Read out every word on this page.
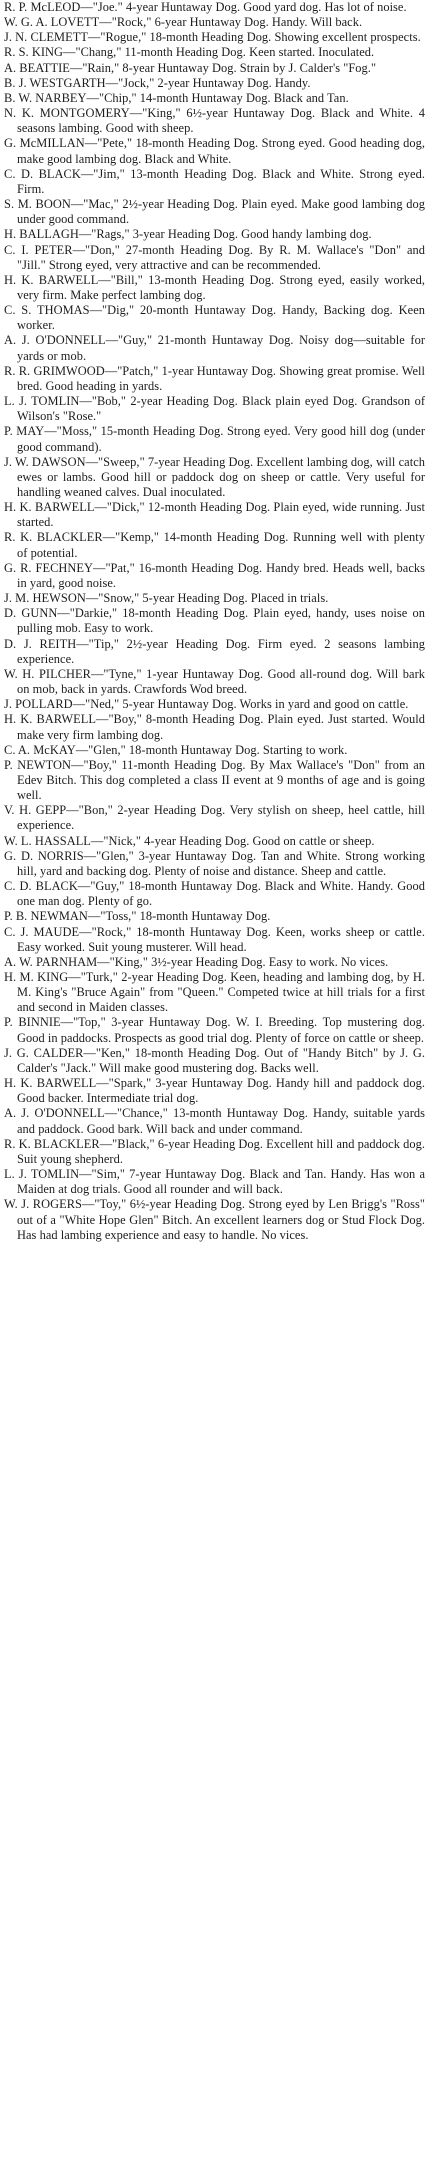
R. P. McLEOD—"Joe." 4-year Huntaway Dog. Good yard dog. Has lot of noise.

W. G. A. LOVETT—"Rock," 6-year Huntaway Dog. Handy. Will back.

J. N. CLEMETT—"Rogue," 18-month Heading Dog. Showing excellent prospects.

R. S. KING—"Chang," 11-month Heading Dog. Keen started. Inoculated.

A. BEATTIE—"Rain," 8-year Huntaway Dog. Strain by J. Calder's "Fog."

B. J. WESTGARTH—"Jock," 2-year Huntaway Dog. Handy.

B. W. NARBEY—"Chip," 14-month Huntaway Dog. Black and Tan.

N. K. MONTGOMERY—"King," 6½-year Huntaway Dog. Black and White. 4 seasons lambing. Good with sheep.

G. McMILLAN—"Pete," 18-month Heading Dog. Strong eyed. Good heading dog, make good lambing dog. Black and White.

C. D. BLACK—"Jim," 13-month Heading Dog. Black and White. Strong eyed. Firm.

S. M. BOON—"Mac," 2½-year Heading Dog. Plain eyed. Make good lambing dog under good command.

H. BALLAGH—"Rags," 3-year Heading Dog. Good handy lambing dog.

C. I. PETER—"Don," 27-month Heading Dog. By R. M. Wallace's "Don" and "Jill." Strong eyed, very attractive and can be recommended.

H. K. BARWELL—"Bill," 13-month Heading Dog. Strong eyed, easily worked, very firm. Make perfect lambing dog.

C. S. THOMAS—"Dig," 20-month Huntaway Dog. Handy, Backing dog. Keen worker.

A. J. O'DONNELL—"Guy," 21-month Huntaway Dog. Noisy dog—suitable for yards or mob.

R. R. GRIMWOOD—"Patch," 1-year Huntaway Dog. Showing great promise. Well bred. Good heading in yards.

L. J. TOMLIN—"Bob," 2-year Heading Dog. Black plain eyed Dog. Grandson of Wilson's "Rose."

P. MAY—"Moss," 15-month Heading Dog. Strong eyed. Very good hill dog (under good command).

J. W. DAWSON—"Sweep," 7-year Heading Dog. Excellent lambing dog, will catch ewes or lambs. Good hill or paddock dog on sheep or cattle. Very useful for handling weaned calves. Dual inoculated.

H. K. BARWELL—"Dick," 12-month Heading Dog. Plain eyed, wide running. Just started.

R. K. BLACKLER—"Kemp," 14-month Heading Dog. Running well with plenty of potential.

G. R. FECHNEY—"Pat," 16-month Heading Dog. Handy bred. Heads well, backs in yard, good noise.

J. M. HEWSON—"Snow," 5-year Heading Dog. Placed in trials.

D. GUNN—"Darkie," 18-month Heading Dog. Plain eyed, handy, uses noise on pulling mob. Easy to work.

D. J. REITH—"Tip," 2½-year Heading Dog. Firm eyed. 2 seasons lambing experience.

W. H. PILCHER—"Tyne," 1-year Huntaway Dog. Good all-round dog. Will bark on mob, back in yards. Crawfords Wod breed.

J. POLLARD—"Ned," 5-year Huntaway Dog. Works in yard and good on cattle.

H. K. BARWELL—"Boy," 8-month Heading Dog. Plain eyed. Just started. Would make very firm lambing dog.

C. A. McKAY—"Glen," 18-month Huntaway Dog. Starting to work.

P. NEWTON—"Boy," 11-month Heading Dog. By Max Wallace's "Don" from an Edev Bitch. This dog completed a class II event at 9 months of age and is going well.

V. H. GEPP—"Bon," 2-year Heading Dog. Very stylish on sheep, heel cattle, hill experience.

W. L. HASSALL—"Nick," 4-year Heading Dog. Good on cattle or sheep.

G. D. NORRIS—"Glen," 3-year Huntaway Dog. Tan and White. Strong working hill, yard and backing dog. Plenty of noise and distance. Sheep and cattle.

C. D. BLACK—"Guy," 18-month Huntaway Dog. Black and White. Handy. Good one man dog. Plenty of go.

P. B. NEWMAN—"Toss," 18-month Huntaway Dog.

C. J. MAUDE—"Rock," 18-month Huntaway Dog. Keen, works sheep or cattle. Easy worked. Suit young musterer. Will head.

A. W. PARNHAM—"King," 3½-year Heading Dog. Easy to work. No vices.

H. M. KING—"Turk," 2-year Heading Dog. Keen, heading and lambing dog, by H. M. King's "Bruce Again" from "Queen." Competed twice at hill trials for a first and second in Maiden classes.

P. BINNIE—"Top," 3-year Huntaway Dog. W. I. Breeding. Top mustering dog. Good in paddocks. Prospects as good trial dog. Plenty of force on cattle or sheep.

J. G. CALDER—"Ken," 18-month Heading Dog. Out of "Handy Bitch" by J. G. Calder's "Jack." Will make good mustering dog. Backs well.

H. K. BARWELL—"Spark," 3-year Huntaway Dog. Handy hill and paddock dog. Good backer. Intermediate trial dog.

A. J. O'DONNELL—"Chance," 13-month Huntaway Dog. Handy, suitable yards and paddock. Good bark. Will back and under command.

R. K. BLACKLER—"Black," 6-year Heading Dog. Excellent hill and paddock dog. Suit young shepherd.

L. J. TOMLIN—"Sim," 7-year Huntaway Dog. Black and Tan. Handy. Has won a Maiden at dog trials. Good all rounder and will back.

W. J. ROGERS—"Toy," 6½-year Heading Dog. Strong eyed by Len Brigg's "Ross" out of a "White Hope Glen" Bitch. An excellent learners dog or Stud Flock Dog. Has had lambing experience and easy to handle. No vices.
